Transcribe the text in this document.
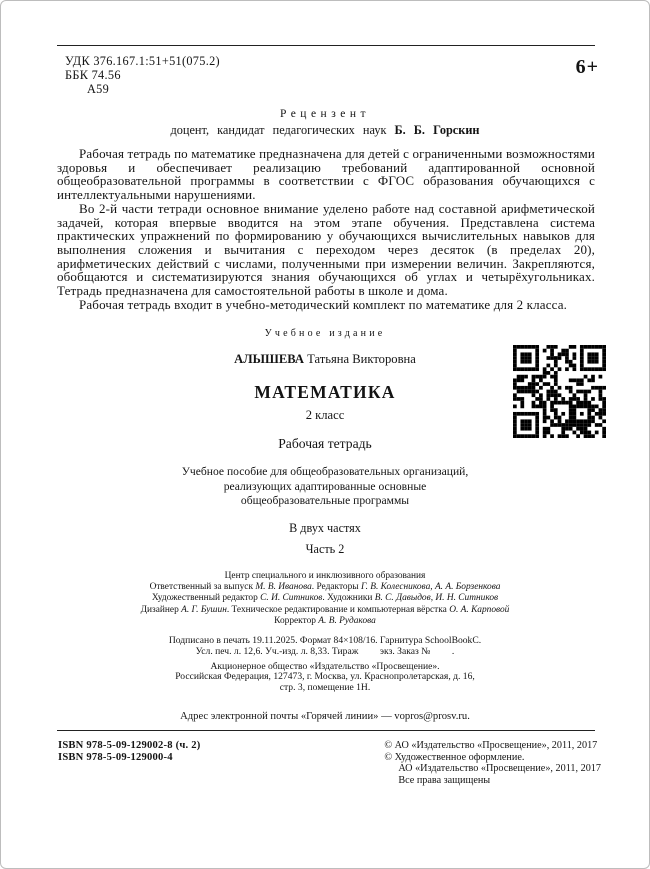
УДК 376.167.1:51+51(075.2)
ББК 74.56
А59
6+
Рецензент
доцент, кандидат педагогических наук Б. Б. Горскин

Рабочая тетрадь по математике предназначена для детей с ограниченными возможностями здоровья и обеспечивает реализацию требований адаптированной основной общеобразовательной программы в соответствии с ФГОС образования обучающихся с интеллектуальными нарушениями.

Во 2-й части тетради основное внимание уделено работе над составной арифметической задачей, которая впервые вводится на этом этапе обучения. Представлена система практических упражнений по формированию у обучающихся вычислительных навыков для выполнения сложения и вычитания с переходом через десяток (в пределах 20), арифметических действий с числами, полученными при измерении величин. Закрепляются, обобщаются и систематизируются знания обучающихся об углах и четырёхугольниках. Тетрадь предназначена для самостоятельной работы в школе и дома.

Рабочая тетрадь входит в учебно-методический комплект по математике для 2 класса.

Учебное издание
АЛЫШЕВА Татьяна Викторовна
МАТЕМАТИКА
2 класс
Рабочая тетрадь
Учебное пособие для общеобразовательных организаций,
реализующих адаптированные основные
общеобразовательные программы
В двух частях
Часть 2
Центр специального и инклюзивного образования
Ответственный за выпуск М. В. Иванова. Редакторы Г. В. Колесникова, А. А. Борзенкова
Художественный редактор С. И. Ситников. Художники В. С. Давыдов, И. Н. Ситников
Дизайнер А. Г. Бушин. Техническое редактирование и компьютерная вёрстка О. А. Карповой
Корректор А. В. Рудакова
Подписано в печать 19.11.2025. Формат 84×108/16. Гарнитура SchoolBookC.
Усл. печ. л. 12,6. Уч.-изд. л. 8,33. Тираж         экз. Заказ №         .
Акционерное общество «Издательство «Просвещение».
Российская Федерация, 127473, г. Москва, ул. Краснопролетарская, д. 16,
стр. 3, помещение 1Н.
Адрес электронной почты «Горячей линии» — vopros@prosv.ru.
ISBN 978-5-09-129002-8 (ч. 2)
ISBN 978-5-09-129000-4
© АО «Издательство «Просвещение», 2011, 2017
© Художественное оформление.
АО «Издательство «Просвещение», 2011, 2017
Все права защищены
